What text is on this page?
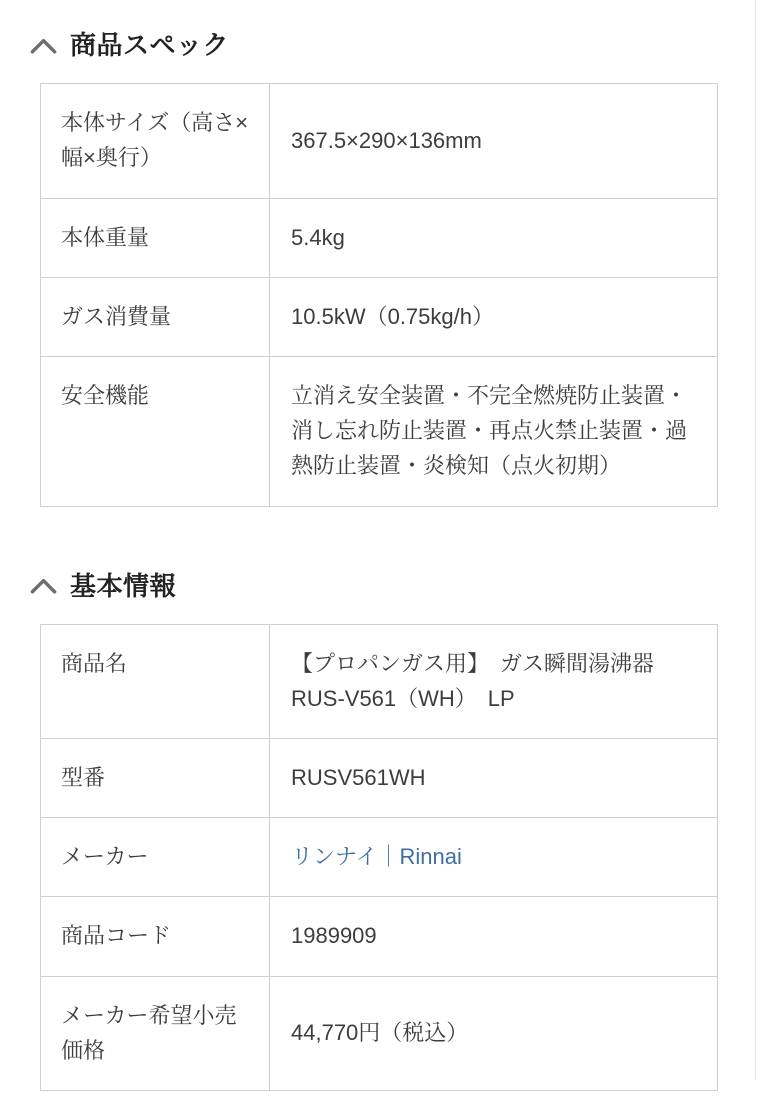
商品スペック
本体サイズ（高さ×幅×奥行）	367.5×290×136mm
本体重量	5.4kg
ガス消費量	10.5kW（0.75kg/h）
安全機能	立消え安全装置・不完全燃焼防止装置・消し忘れ防止装置・再点火禁止装置・過熱防止装置・炎検知（点火初期）
基本情報
商品名	【プロパンガス用】　ガス瞬間湯沸器 RUS-V561（WH）　LP
型番	RUSV561WH
メーカー	リンナイ｜Rinnai
商品コード	1989909
メーカー希望小売価格	44,770円（税込）
